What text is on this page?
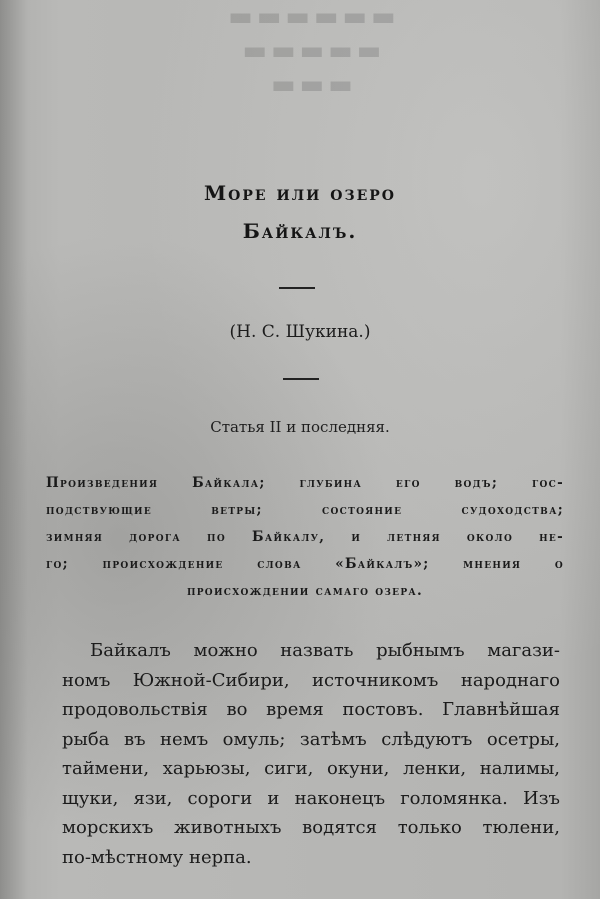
▬▬▬▬▬▬
▬▬▬▬▬
▬▬▬
Море или озеро
Байкалъ.
(Н. С. Шукина.)
Статья II и последняя.
Произведения Байкала; глубина его водъ; гос-
подствующие ветры; состояние судоходства;
зимняя дорога по Байкалу, и летняя около не-
го; происхождение слова «Байкалъ»; мнения о
происхождении самаго озера.
Байкалъ можно назвать рыбнымъ магази-
номъ Южной-Сибири, источникомъ народнаго
продовольствія во время постовъ. Главнѣйшая
рыба въ немъ омуль; затѣмъ слѣдуютъ осетры,
таймени, харьюзы, сиги, окуни, ленки, налимы,
щуки, язи, сороги и наконецъ голомянка. Изъ
морскихъ животныхъ водятся только тюлени,
по-мѣстному нерпа.
